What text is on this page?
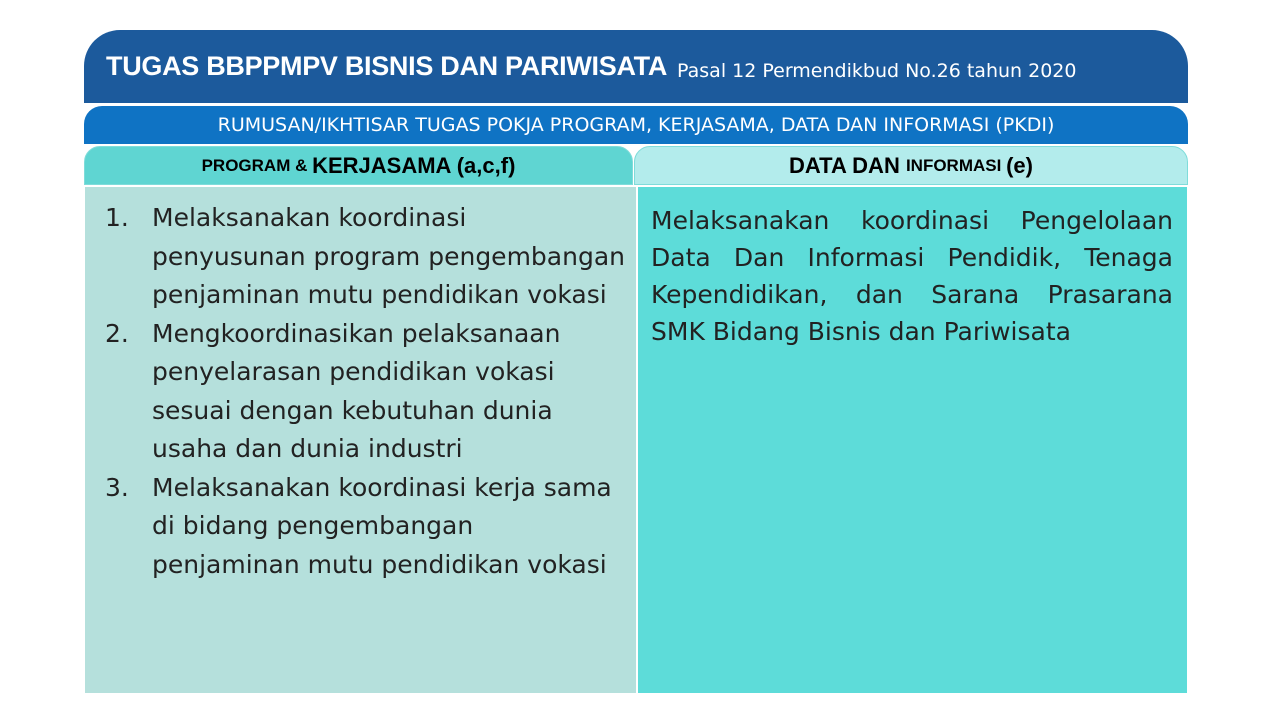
TUGAS BBPPMPV BISNIS DAN PARIWISATA Pasal 12 Permendikbud No.26 tahun 2020
RUMUSAN/IKHTISAR TUGAS POKJA PROGRAM, KERJASAMA, DATA DAN INFORMASI (PKDI)
PROGRAM & KERJASAMA (a,c,f)	DATA DAN INFORMASI (e)
1. Melaksanakan koordinasi penyusunan program pengembangan penjaminan mutu pendidikan vokasi
2. Mengkoordinasikan pelaksanaan penyelarasan pendidikan vokasi sesuai dengan kebutuhan dunia usaha dan dunia industri
3. Melaksanakan koordinasi kerja sama di bidang pengembangan penjaminan mutu pendidikan vokasi

Melaksanakan koordinasi Pengelolaan Data Dan Informasi Pendidik, Tenaga Kependidikan, dan Sarana Prasarana SMK Bidang Bisnis dan Pariwisata
